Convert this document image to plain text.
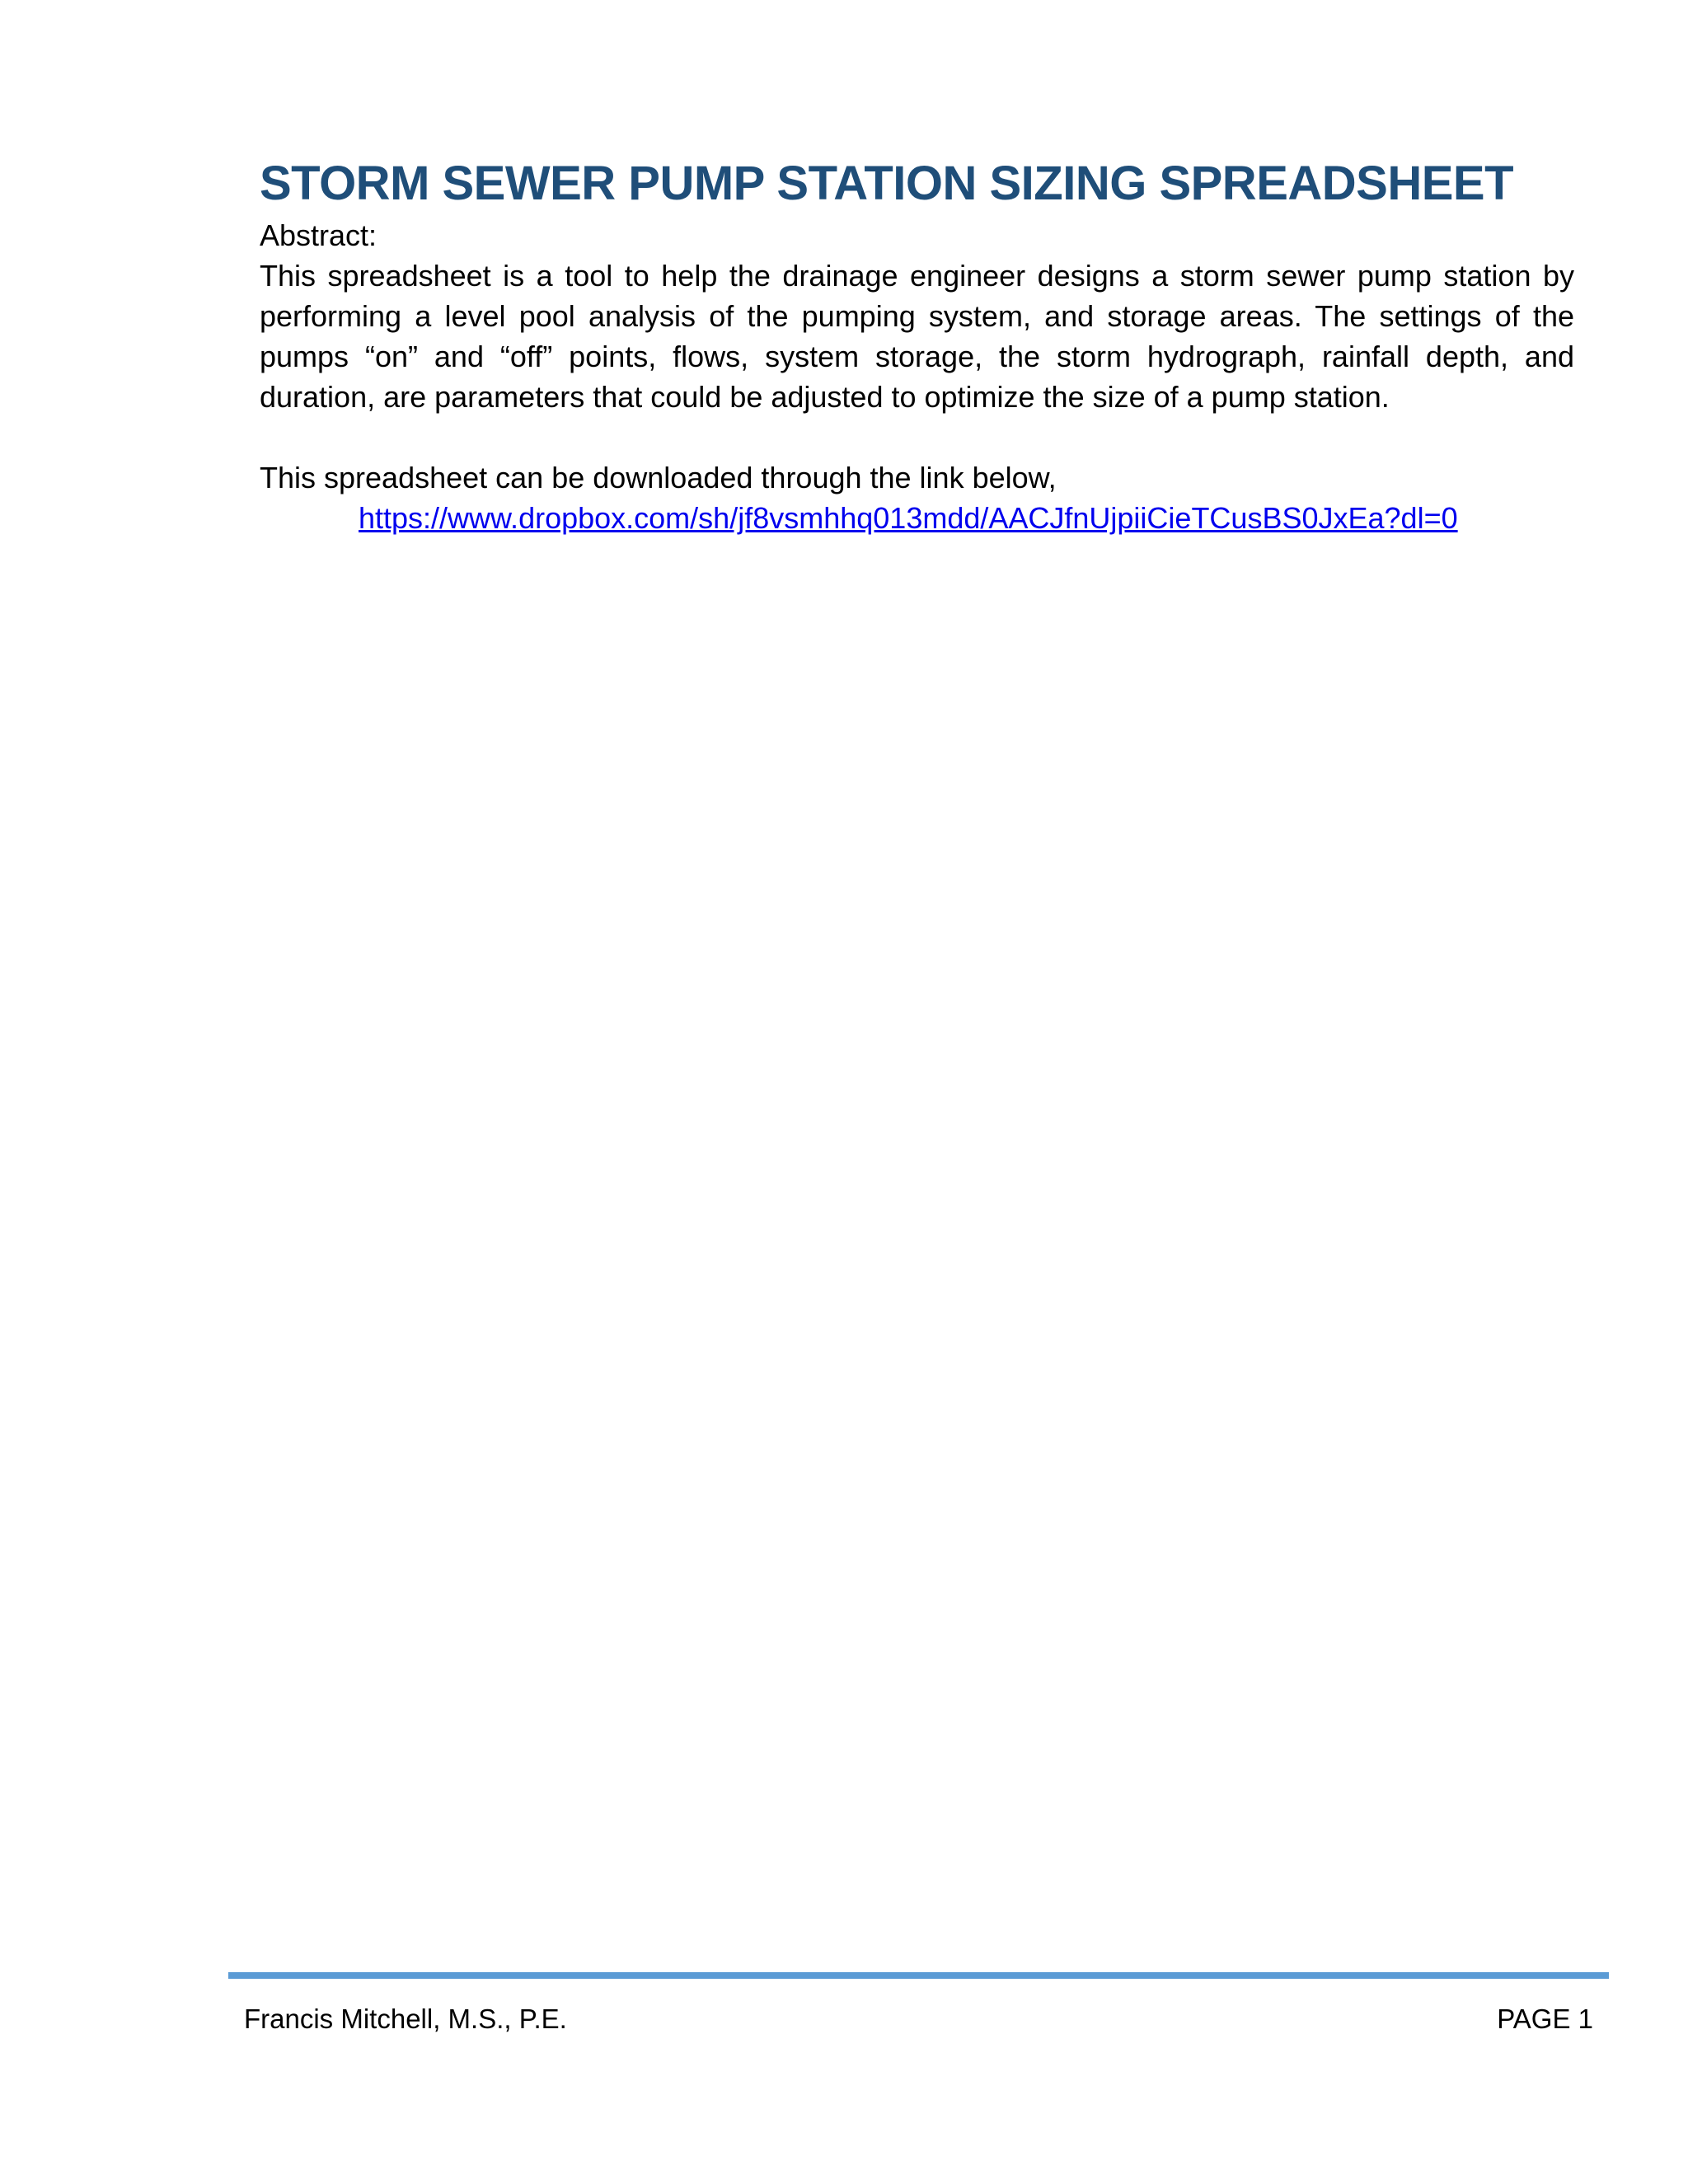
STORM SEWER PUMP STATION SIZING SPREADSHEET

Abstract:

This spreadsheet is a tool to help the drainage engineer designs a storm sewer pump station by performing a level pool analysis of the pumping system, and storage areas. The settings of the pumps “on” and “off” points, flows, system storage, the storm hydrograph, rainfall depth, and duration, are parameters that could be adjusted to optimize the size of a pump station.

This spreadsheet can be downloaded through the link below,

https://www.dropbox.com/sh/jf8vsmhhq013mdd/AACJfnUjpiiCieTCusBS0JxEa?dl=0
Francis Mitchell, M.S., P.E.	PAGE 1
